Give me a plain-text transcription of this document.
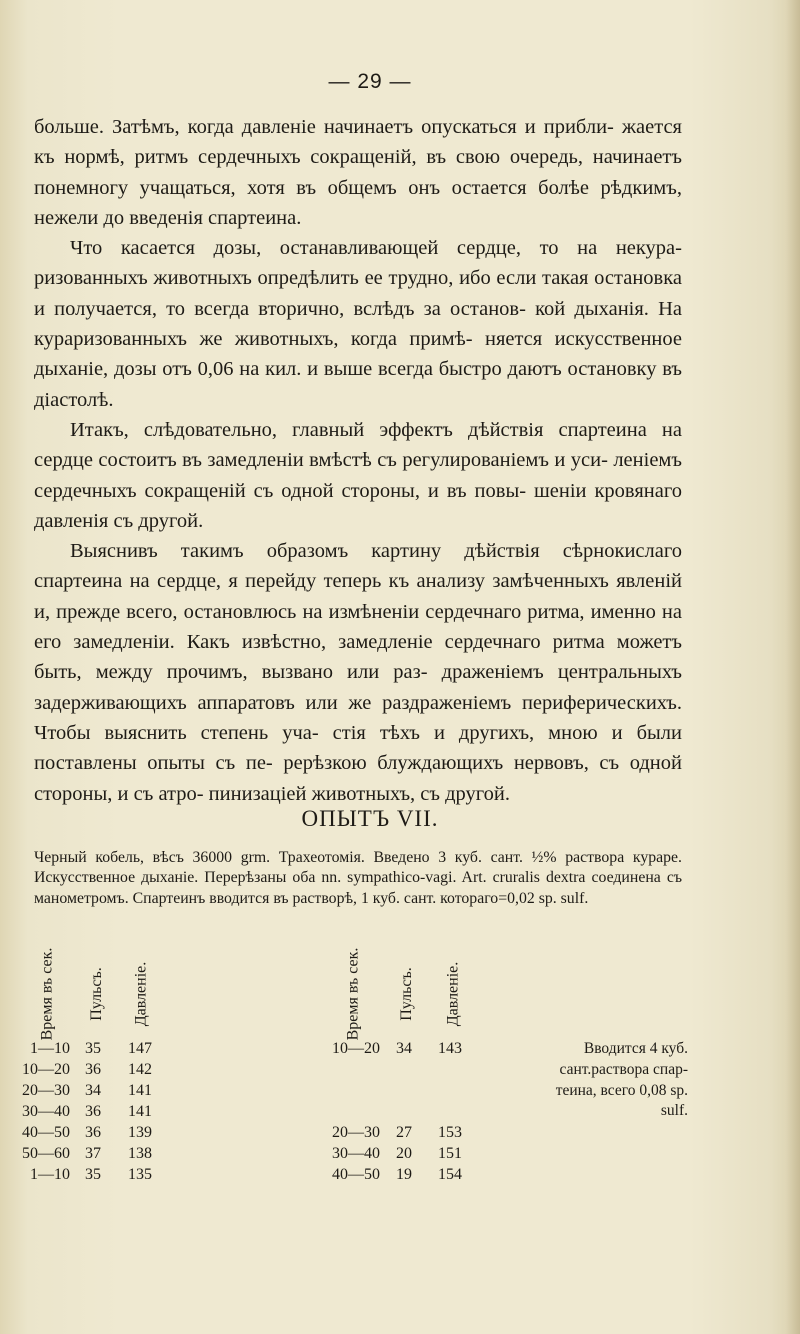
— 29 —

больше. Затѣмъ, когда давленіе начинаетъ опускаться и прибли- жается къ нормѣ, ритмъ сердечныхъ сокращеній, въ свою очередь, начинаетъ понемногу учащаться, хотя въ общемъ онъ остается болѣе рѣдкимъ, нежели до введенія спартеина.

Что касается дозы, останавливающей сердце, то на некура- ризованныхъ животныхъ опредѣлить ее трудно, ибо если такая остановка и получается, то всегда вторично, вслѣдъ за останов- кой дыханія. На кураризованныхъ же животныхъ, когда примѣ- няется искусственное дыханіе, дозы отъ 0,06 на кил. и выше всегда быстро даютъ остановку въ діастолѣ.

Итакъ, слѣдовательно, главный эффектъ дѣйствія спартеина на сердце состоитъ въ замедленіи вмѣстѣ съ регулированіемъ и уси- леніемъ сердечныхъ сокращеній съ одной стороны, и въ повы- шеніи кровянаго давленія съ другой.

Выяснивъ такимъ образомъ картину дѣйствія сѣрнокислаго спартеина на сердце, я перейду теперь къ анализу замѣченныхъ явленій и, прежде всего, остановлюсь на измѣненіи сердечнаго ритма, именно на его замедленіи. Какъ извѣстно, замедленіе сердечнаго ритма можетъ быть, между прочимъ, вызвано или раз- драженіемъ центральныхъ задерживающихъ аппаратовъ или же раздраженіемъ периферическихъ. Чтобы выяснить степень уча- стія тѣхъ и другихъ, мною и были поставлены опыты съ пе- рерѣзкою блуждающихъ нервовъ, съ одной стороны, и съ атро- пинизаціей животныхъ, съ другой.

ОПЫТЪ VII.
Черный кобель, вѣсъ 36000 grm. Трахеотомія. Введено 3 куб. сант. ½% раствора кураре. Искусственное дыханіе. Перерѣзаны оба nn. sympathico-vagi. Art. cruralis dextra соединена съ манометромъ. Спартеинъ вводится въ растворѣ, 1 куб. сант. котораго=0,02 sp. sulf.
Время въ сек. Пульсъ. Давленіе.	Время въ сек. Пульсъ. Давленіе.
1—10 35 147
10—20 36 142
20—30 34 141
30—40 36 141
40—50 36 139
50—60 37 138
1—10 35 135
10—20 34 143
20—30 27 153
30—40 20 151
40—50 19 154
Вводится 4 куб.
сант.раствора спар-
теина, всего 0,08 sp.
sulf.
